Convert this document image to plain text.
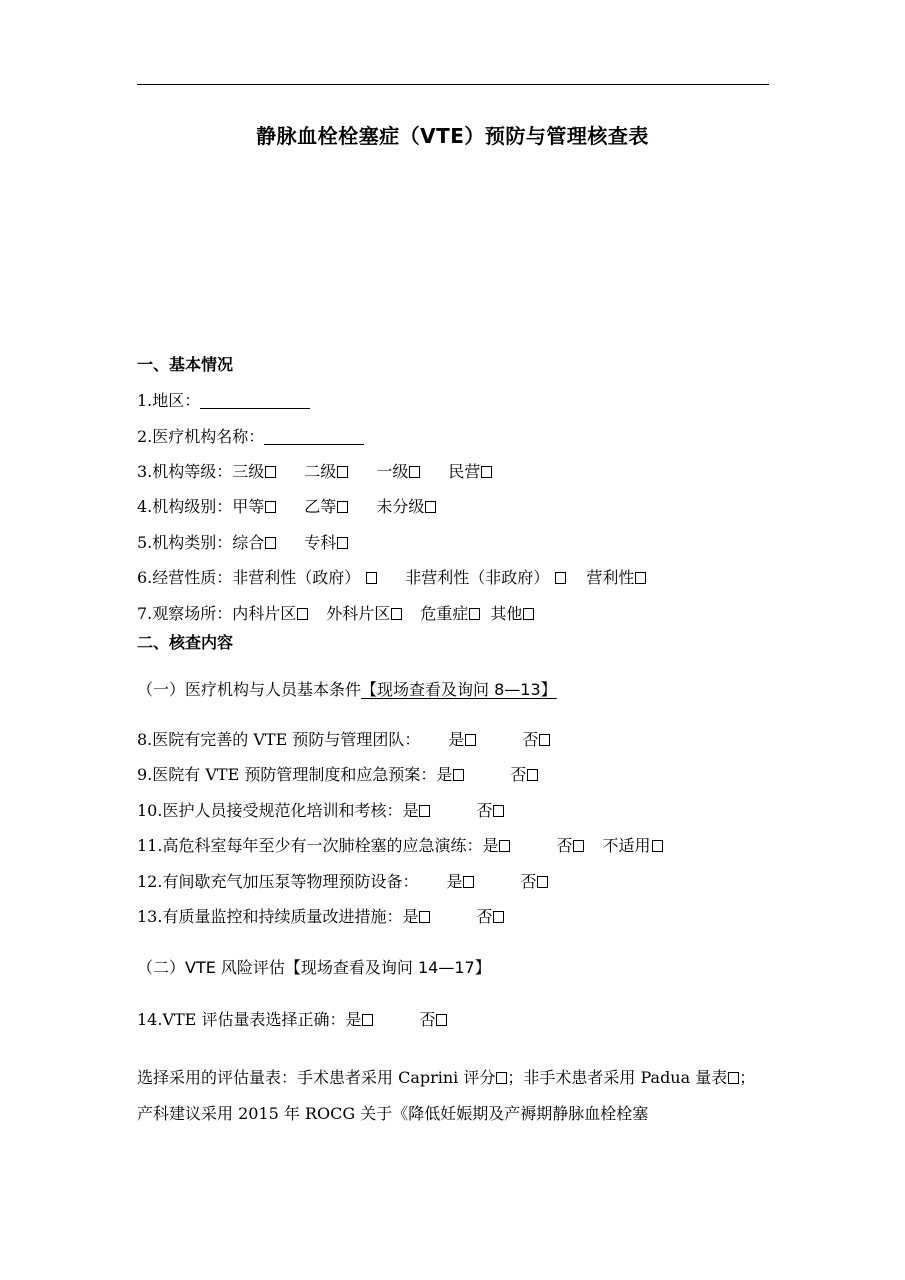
静脉血栓栓塞症（VTE）预防与管理核查表
一、基本情况
1.地区：
2.医疗机构名称：
3.机构等级：三级	二级	一级	民营
4.机构级别：甲等	乙等	未分级
5.机构类别：综合	专科
6.经营性质：非营利性（政府）	非营利性（非政府） 营利性
7.观察场所：内科片区 外科片区 危重症 其他
二、核查内容
（一）医疗机构与人员基本条件【现场查看及询问 8—13】
8.医院有完善的 VTE 预防与管理团队： 是	否
9.医院有 VTE 预防管理制度和应急预案：是	否
10.医护人员接受规范化培训和考核：是	否
11.高危科室每年至少有一次肺栓塞的应急演练：是	否 不适用
12.有间歇充气加压泵等物理预防设备： 是	否
13.有质量监控和持续质量改进措施：是	否
（二）VTE 风险评估【现场查看及询问 14—17】
14.VTE 评估量表选择正确：是	否
选择采用的评估量表：手术患者采用 Caprini 评分 ；非手术患者采用 Padua 量表 ；产科建议采用 2015 年 ROCG 关于《降低妊娠期及产褥期静脉血栓栓塞
